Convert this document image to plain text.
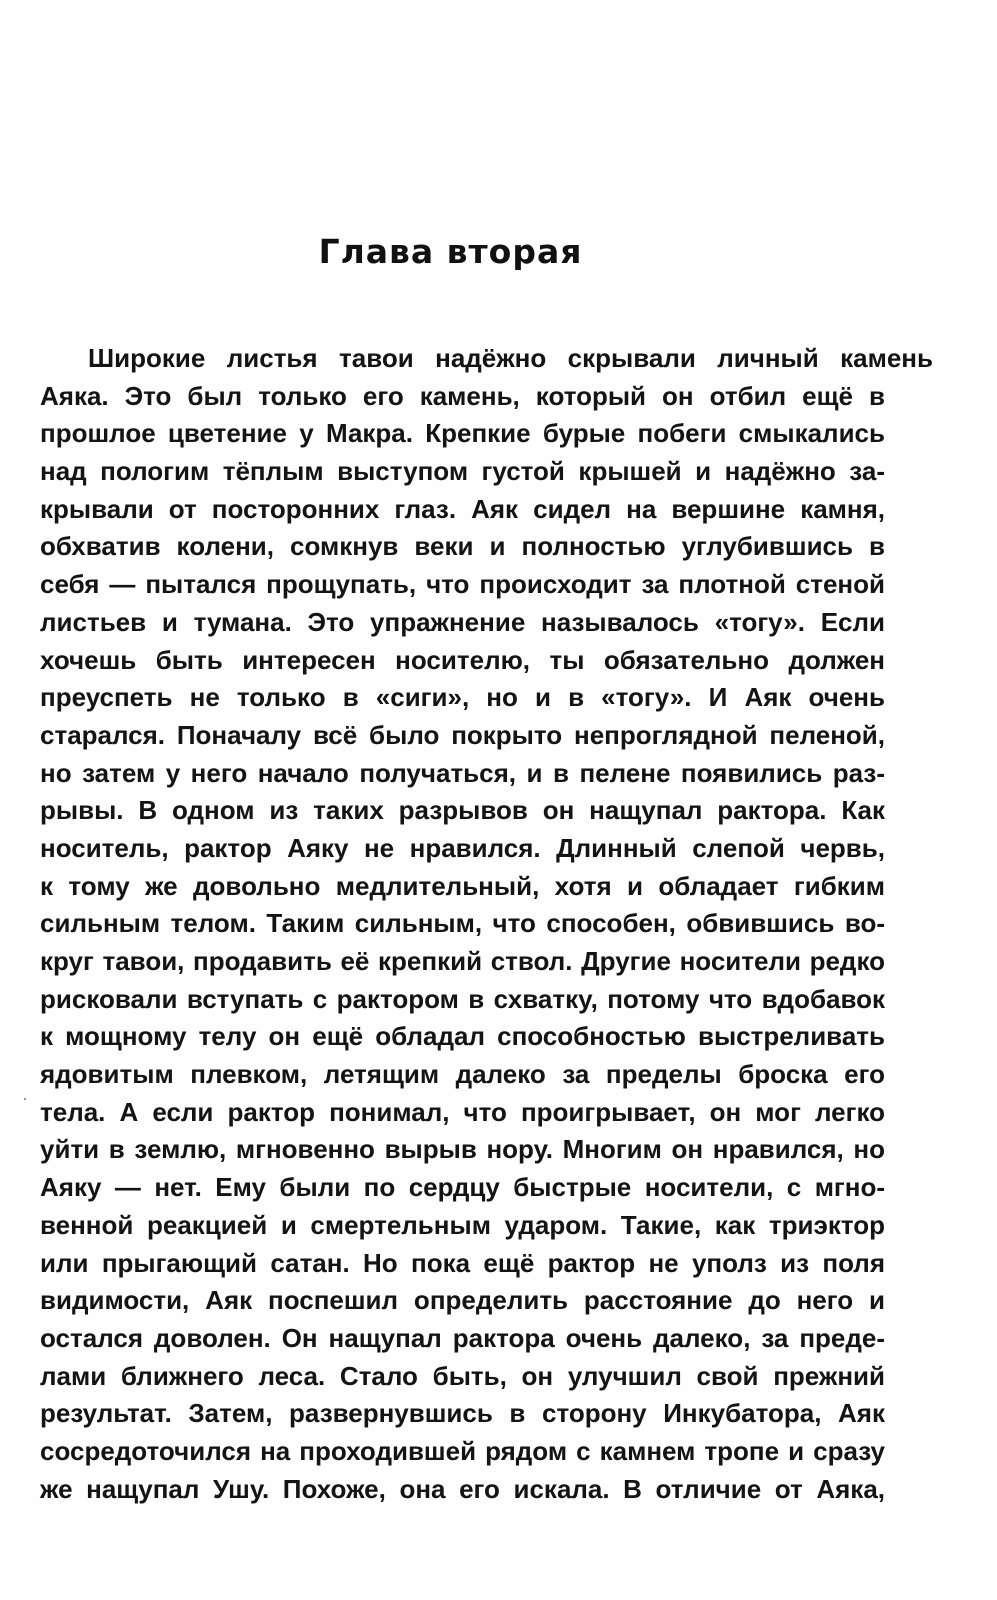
Глава вторая
Широкие листья тавои надёжно скрывали личный камень
Аяка. Это был только его камень, который он отбил ещё в
прошлое цветение у Макра. Крепкие бурые побеги смыкались
над пологим тёплым выступом густой крышей и надёжно за-
крывали от посторонних глаз. Аяк сидел на вершине камня,
обхватив колени, сомкнув веки и полностью углубившись в
себя — пытался прощупать, что происходит за плотной стеной
листьев и тумана. Это упражнение называлось «тогу». Если
хочешь быть интересен носителю, ты обязательно должен
преуспеть не только в «сиги», но и в «тогу». И Аяк очень
старался. Поначалу всё было покрыто непроглядной пеленой,
но затем у него начало получаться, и в пелене появились раз-
рывы. В одном из таких разрывов он нащупал рактора. Как
носитель, рактор Аяку не нравился. Длинный слепой червь,
к тому же довольно медлительный, хотя и обладает гибким
сильным телом. Таким сильным, что способен, обвившись во-
круг тавои, продавить её крепкий ствол. Другие носители редко
рисковали вступать с рактором в схватку, потому что вдобавок
к мощному телу он ещё обладал способностью выстреливать
ядовитым плевком, летящим далеко за пределы броска его
тела. А если рактор понимал, что проигрывает, он мог легко
уйти в землю, мгновенно вырыв нору. Многим он нравился, но
Аяку — нет. Ему были по сердцу быстрые носители, с мгно-
венной реакцией и смертельным ударом. Такие, как триэктор
или прыгающий сатан. Но пока ещё рактор не уполз из поля
видимости, Аяк поспешил определить расстояние до него и
остался доволен. Он нащупал рактора очень далеко, за преде-
лами ближнего леса. Стало быть, он улучшил свой прежний
результат. Затем, развернувшись в сторону Инкубатора, Аяк
сосредоточился на проходившей рядом с камнем тропе и сразу
же нащупал Ушу. Похоже, она его искала. В отличие от Аяка,
